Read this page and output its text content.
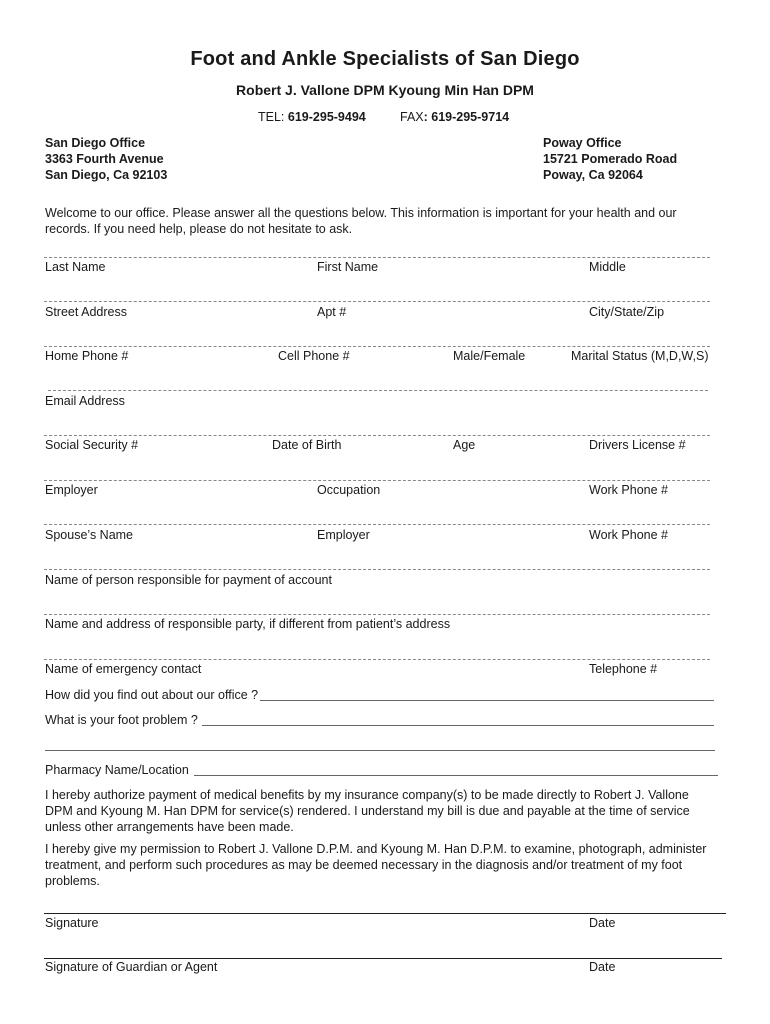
Foot and Ankle Specialists of San Diego
Robert J. Vallone DPM Kyoung Min Han DPM
TEL: 619-295-9494	FAX: 619-295-9714
San Diego Office
3363 Fourth Avenue
San Diego, Ca 92103
Poway Office
15721 Pomerado Road
Poway, Ca 92064
Welcome to our office. Please answer all the questions below. This information is important for your health and our records. If you need help, please do not hesitate to ask.
Last Name	First Name	Middle
Street Address	Apt #	City/State/Zip
Home Phone #	Cell Phone #	Male/Female	Marital Status (M,D,W,S)
Email Address
Social Security #	Date of Birth	Age	Drivers License #
Employer	Occupation	Work Phone #
Spouse’s Name	Employer	Work Phone #
Name of person responsible for payment of account
Name and address of responsible party, if different from patient’s address
Name of emergency contact	Telephone #
How did you find out about our office ?
What is your foot problem ?
Pharmacy Name/Location
I hereby authorize payment of medical benefits by my insurance company(s) to be made directly to Robert J. Vallone DPM and Kyoung M. Han DPM for service(s) rendered. I understand my bill is due and payable at the time of service unless other arrangements have been made.
I hereby give my permission to Robert J. Vallone D.P.M. and Kyoung M. Han D.P.M. to examine, photograph, administer treatment, and perform such procedures as may be deemed necessary in the diagnosis and/or treatment of my foot problems.
Signature	Date
Signature of Guardian or Agent	Date
